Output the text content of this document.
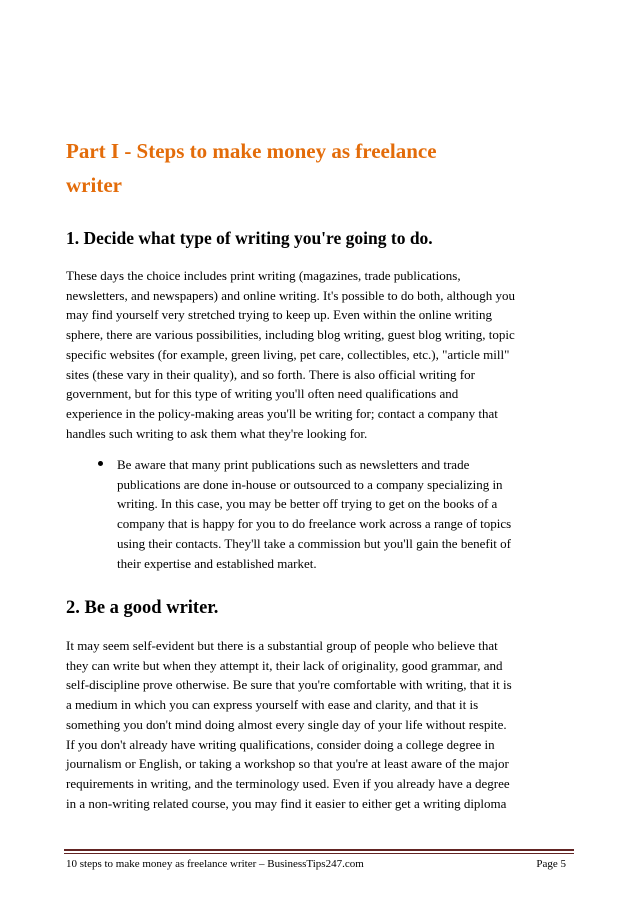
Part I - Steps to make money as freelance
writer
1. Decide what type of writing you're going to do.

These days the choice includes print writing (magazines, trade publications,
newsletters, and newspapers) and online writing. It's possible to do both, although you
may find yourself very stretched trying to keep up. Even within the online writing
sphere, there are various possibilities, including blog writing, guest blog writing, topic
specific websites (for example, green living, pet care, collectibles, etc.), "article mill"
sites (these vary in their quality), and so forth. There is also official writing for
government, but for this type of writing you'll often need qualifications and
experience in the policy-making areas you'll be writing for; contact a company that
handles such writing to ask them what they're looking for.

Be aware that many print publications such as newsletters and trade
publications are done in-house or outsourced to a company specializing in
writing. In this case, you may be better off trying to get on the books of a
company that is happy for you to do freelance work across a range of topics
using their contacts. They'll take a commission but you'll gain the benefit of
their expertise and established market.
2. Be a good writer.

It may seem self-evident but there is a substantial group of people who believe that
they can write but when they attempt it, their lack of originality, good grammar, and
self-discipline prove otherwise. Be sure that you're comfortable with writing, that it is
a medium in which you can express yourself with ease and clarity, and that it is
something you don't mind doing almost every single day of your life without respite.
If you don't already have writing qualifications, consider doing a college degree in
journalism or English, or taking a workshop so that you're at least aware of the major
requirements in writing, and the terminology used. Even if you already have a degree
in a non-writing related course, you may find it easier to either get a writing diploma

10 steps to make money as freelance writer – BusinessTips247.com	Page 5
